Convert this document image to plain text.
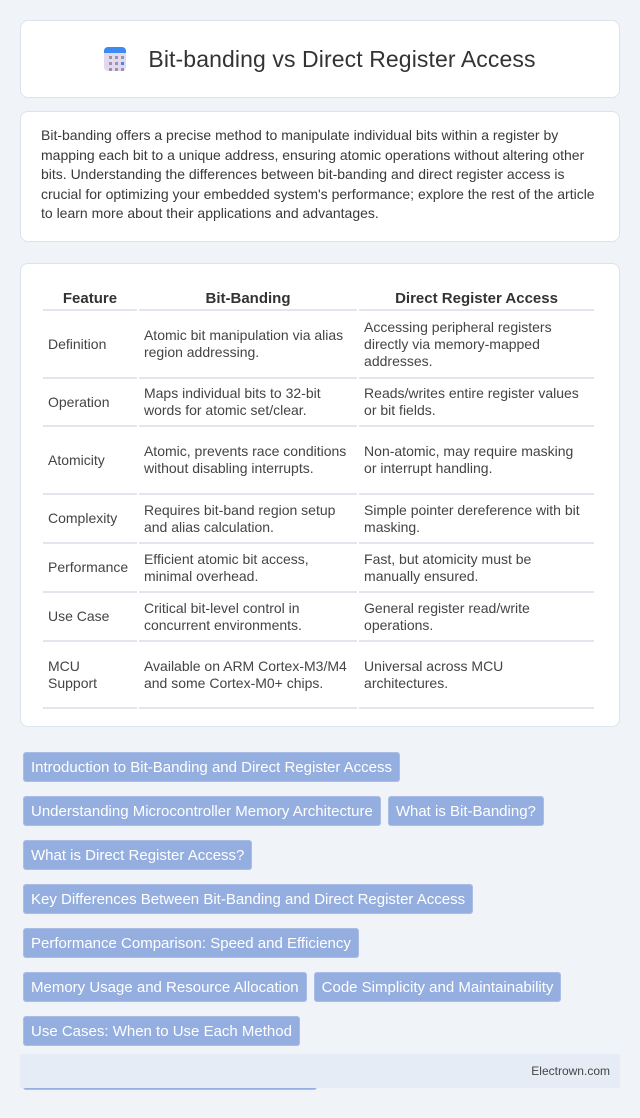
Bit-banding vs Direct Register Access

Bit-banding offers a precise method to manipulate individual bits within a register by mapping each bit to a unique address, ensuring atomic operations without altering other bits. Understanding the differences between bit-banding and direct register access is crucial for optimizing your embedded system's performance; explore the rest of the article to learn more about their applications and advantages.

Feature	Bit-Banding	Direct Register Access
Definition	Atomic bit manipulation via alias region addressing.	Accessing peripheral registers directly via memory-mapped addresses.
Operation	Maps individual bits to 32-bit words for atomic set/clear.	Reads/writes entire register values or bit fields.
Atomicity	Atomic, prevents race conditions without disabling interrupts.	Non-atomic, may require masking or interrupt handling.
Complexity	Requires bit-band region setup and alias calculation.	Simple pointer dereference with bit masking.
Performance	Efficient atomic bit access, minimal overhead.	Fast, but atomicity must be manually ensured.
Use Case	Critical bit-level control in concurrent environments.	General register read/write operations.
MCU Support	Available on ARM Cortex-M3/M4 and some Cortex-M0+ chips.	Universal across MCU architectures.
Introduction to Bit-Banding and Direct Register Access
Understanding Microcontroller Memory Architecture	What is Bit-Banding?
What is Direct Register Access?
Key Differences Between Bit-Banding and Direct Register Access
Performance Comparison: Speed and Efficiency
Memory Usage and Resource Allocation	Code Simplicity and Maintainability
Use Cases: When to Use Each Method
Electrown.com
